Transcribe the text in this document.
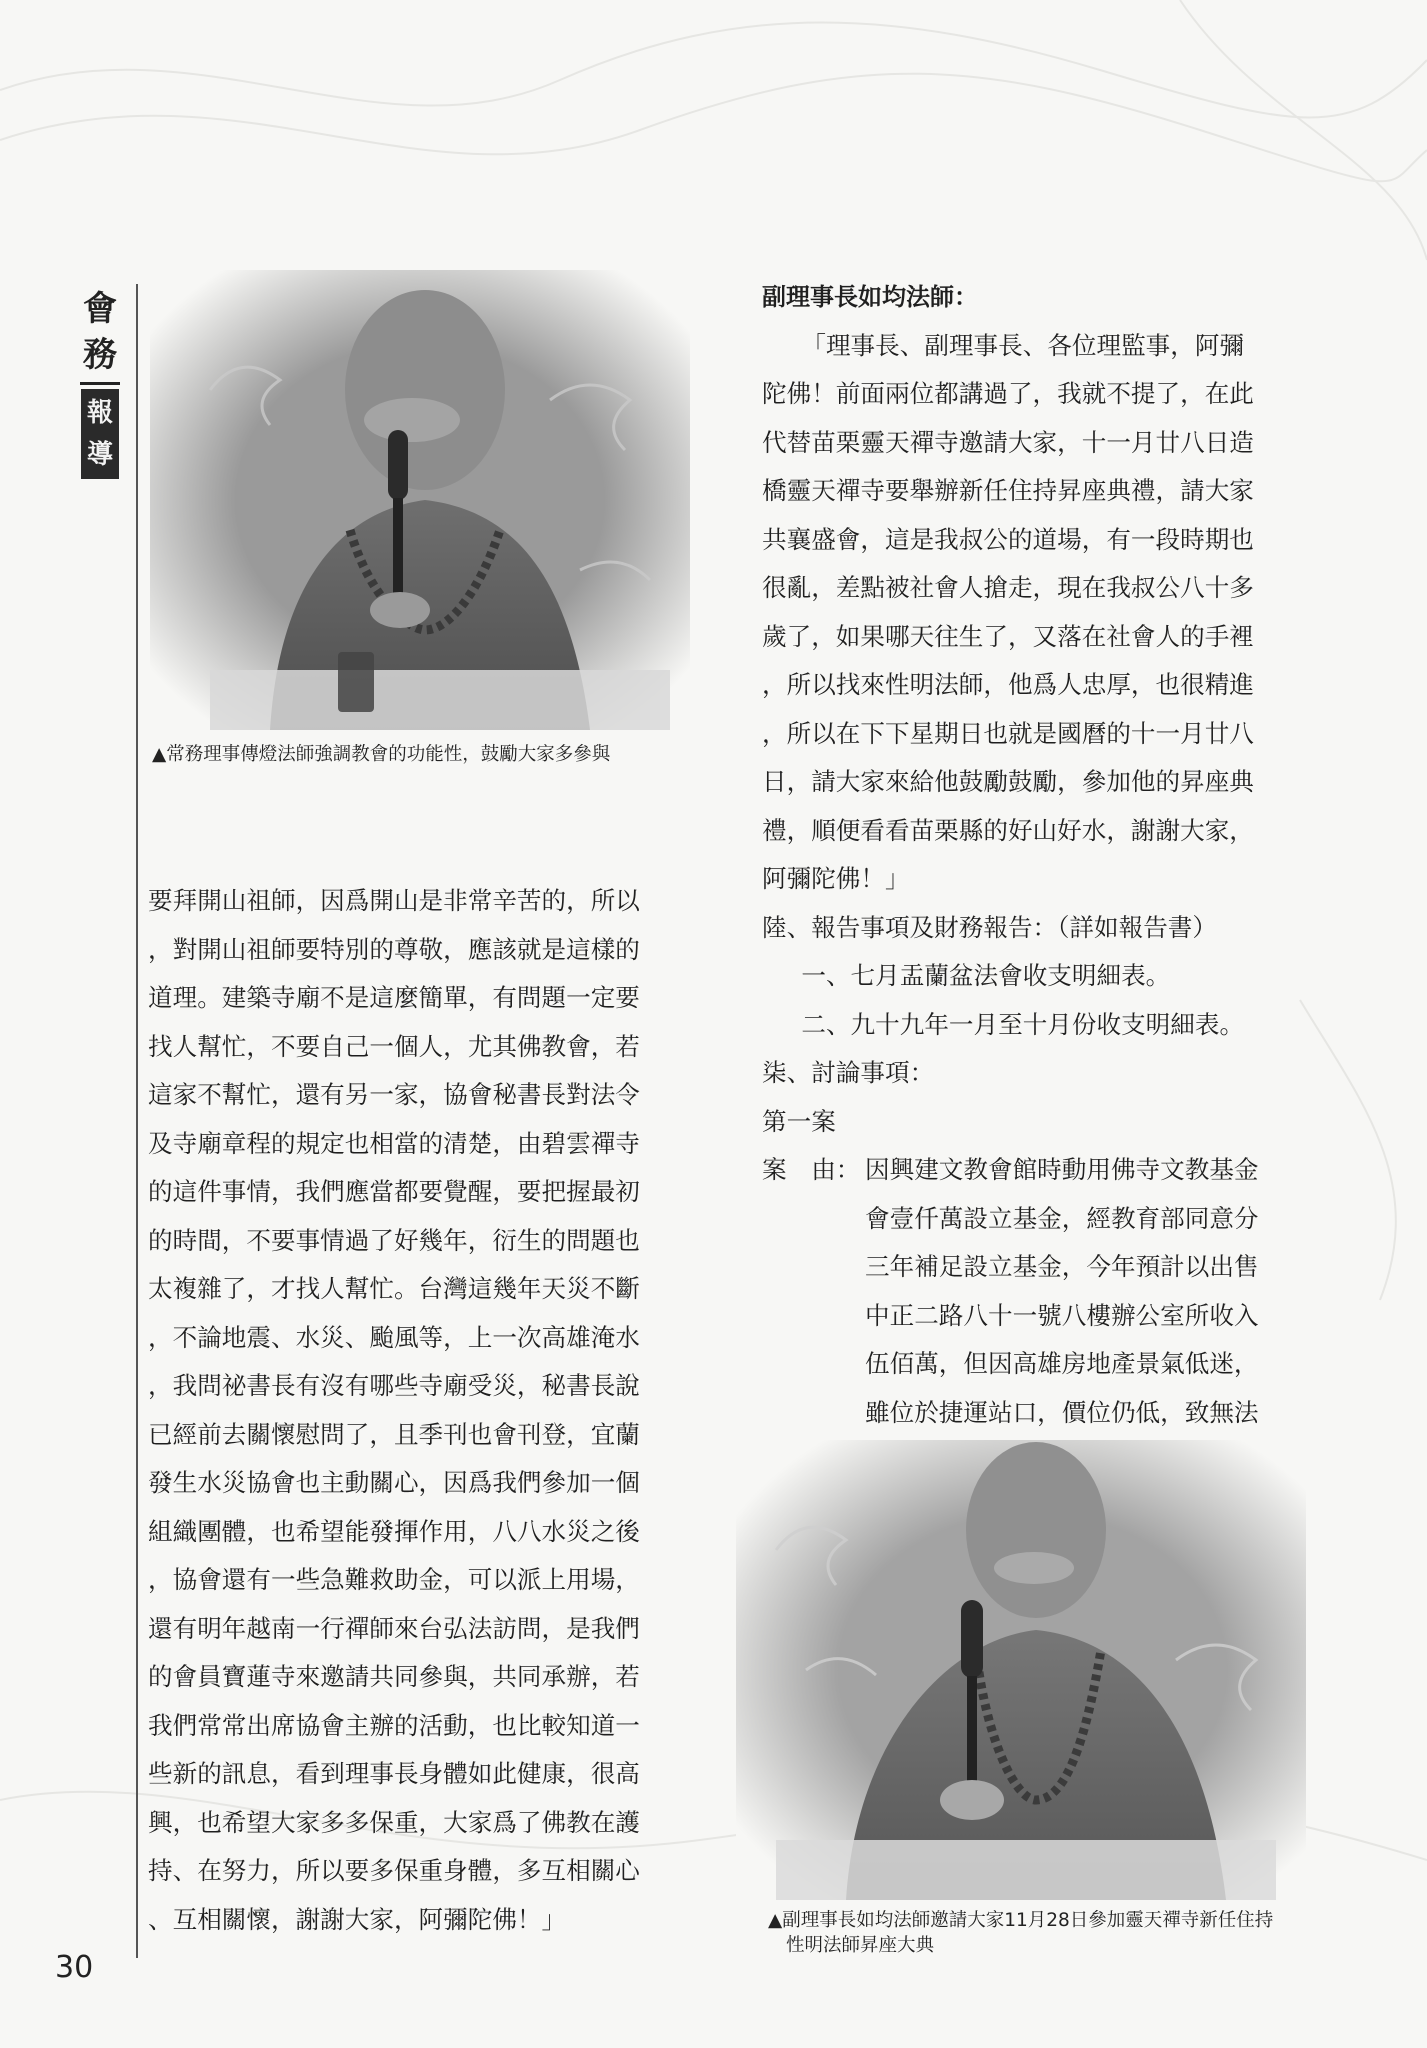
會
務
報
導
▲常務理事傳燈法師強調教會的功能性，鼓勵大家多參與
要拜開山祖師，因爲開山是非常辛苦的，所以
，對開山祖師要特別的尊敬，應該就是這樣的
道理。建築寺廟不是這麼簡單，有問題一定要
找人幫忙，不要自己一個人，尤其佛教會，若
這家不幫忙，還有另一家，協會秘書長對法令
及寺廟章程的規定也相當的清楚，由碧雲禪寺
的這件事情，我們應當都要覺醒，要把握最初
的時間，不要事情過了好幾年，衍生的問題也
太複雜了，才找人幫忙。台灣這幾年天災不斷
，不論地震、水災、颱風等，上一次高雄淹水
，我問祕書長有沒有哪些寺廟受災，秘書長說
已經前去關懷慰問了，且季刊也會刊登，宜蘭
發生水災協會也主動關心，因爲我們參加一個
組織團體，也希望能發揮作用，八八水災之後
，協會還有一些急難救助金，可以派上用場，
還有明年越南一行禪師來台弘法訪問，是我們
的會員寶蓮寺來邀請共同參與，共同承辦，若
我們常常出席協會主辦的活動，也比較知道一
些新的訊息，看到理事長身體如此健康，很高
興，也希望大家多多保重，大家爲了佛教在護
持、在努力，所以要多保重身體，多互相關心
、互相關懷，謝謝大家，阿彌陀佛！」
副理事長如均法師：
「理事長、副理事長、各位理監事，阿彌
陀佛！前面兩位都講過了，我就不提了，在此
代替苗栗靈天禪寺邀請大家，十一月廿八日造
橋靈天禪寺要舉辦新任住持昇座典禮，請大家
共襄盛會，這是我叔公的道場，有一段時期也
很亂，差點被社會人搶走，現在我叔公八十多
歲了，如果哪天往生了，又落在社會人的手裡
，所以找來性明法師，他爲人忠厚，也很精進
，所以在下下星期日也就是國曆的十一月廿八
日，請大家來給他鼓勵鼓勵，參加他的昇座典
禮，順便看看苗栗縣的好山好水，謝謝大家，
阿彌陀佛！」
陸、報告事項及財務報告：（詳如報告書）
一、七月盂蘭盆法會收支明細表。
二、九十九年一月至十月份收支明細表。
柒、討論事項：
第一案
案　由： 因興建文教會館時動用佛寺文教基金
會壹仟萬設立基金，經教育部同意分
三年補足設立基金，今年預計以出售
中正二路八十一號八樓辦公室所收入
伍佰萬，但因高雄房地產景氣低迷，
雖位於捷運站口，價位仍低，致無法
▲副理事長如均法師邀請大家11月28日參加靈天禪寺新任住持
性明法師昇座大典
30
